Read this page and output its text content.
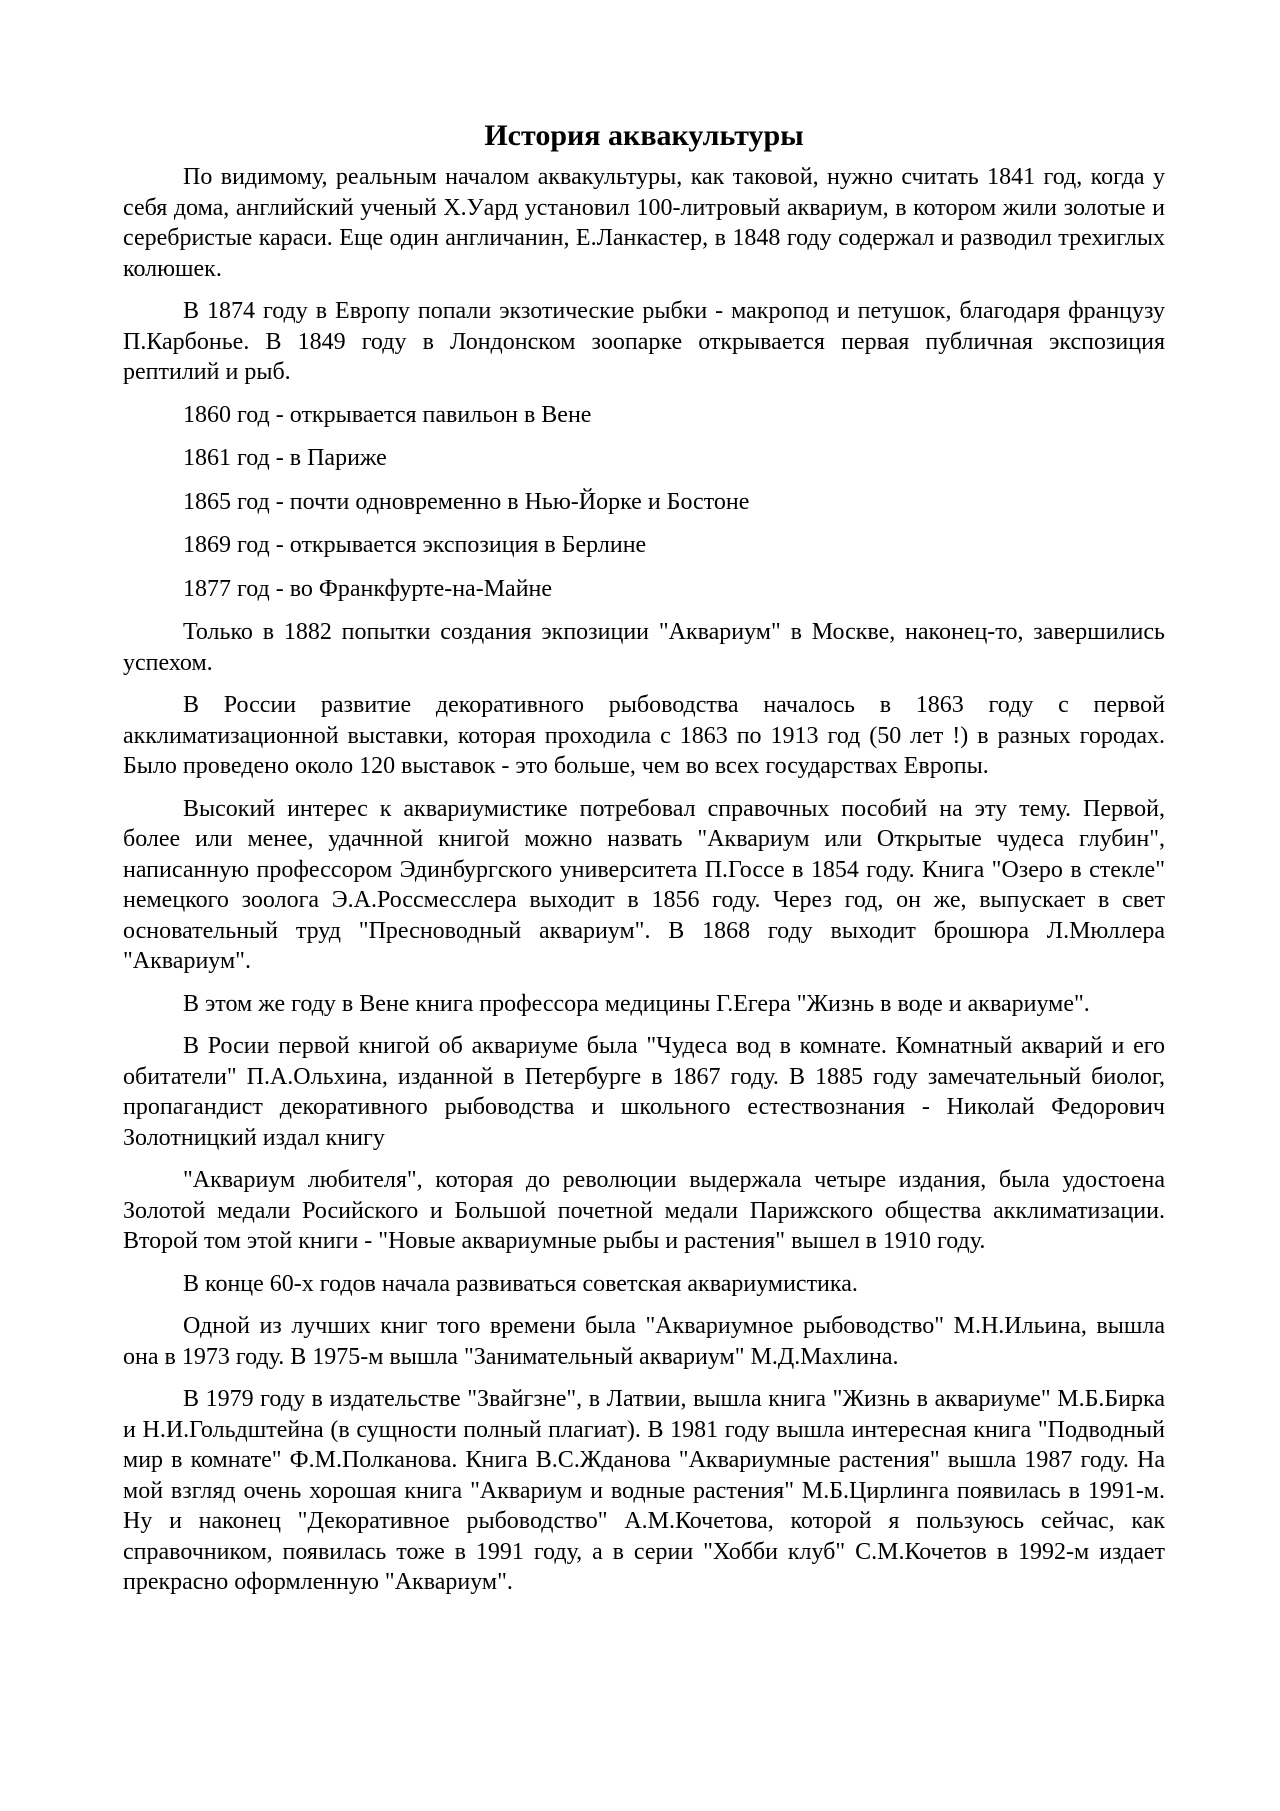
История аквакультуры

По видимому, реальным началом аквакультуры, как таковой, нужно считать 1841 год, когда у себя дома, английский ученый Х.Уард установил 100-литровый аквариум, в котором жили золотые и серебристые караси. Еще один англичанин, Е.Ланкастер, в 1848 году содержал и разводил трехиглых колюшек.

В 1874 году в Европу попали экзотические рыбки - макропод и петушок, благодаря французу П.Карбонье. В 1849 году в Лондонском зоопарке открывается первая публичная экспозиция рептилий и рыб.

1860 год - открывается павильон в Вене

1861 год - в Париже

1865 год - почти одновременно в Нью-Йорке и Бостоне

1869 год - открывается экспозиция в Берлине

1877 год - во Франкфурте-на-Майне

Только в 1882 попытки создания экпозиции "Аквариум" в Москве, наконец-то, завершились успехом.

В России развитие декоративного рыбоводства началось в 1863 году с первой акклиматизационной выставки, которая проходила с 1863 по 1913 год (50 лет !) в разных городах. Было проведено около 120 выставок - это больше, чем во всех государствах Европы.

Высокий интерес к аквариумистике потребовал справочных пособий на эту тему. Первой, более или менее, удачнной книгой можно назвать "Аквариум или Открытые чудеса глубин", написанную профессором Эдинбургского университета П.Госсе в 1854 году. Книга "Озеро в стекле" немецкого зоолога Э.А.Россмесслера выходит в 1856 году. Через год, он же, выпускает в свет основательный труд "Пресноводный аквариум". В 1868 году выходит брошюра Л.Мюллера "Аквариум".

В этом же году в Вене книга профессора медицины Г.Егера "Жизнь в воде и аквариуме".

В Росии первой книгой об аквариуме была "Чудеса вод в комнате. Комнатный акварий и его обитатели" П.А.Ольхина, изданной в Петербурге в 1867 году. В 1885 году замечательный биолог, пропагандист декоративного рыбоводства и школьного естествознания - Николай Федорович Золотницкий издал книгу

"Аквариум любителя", которая до революции выдержала четыре издания, была удостоена Золотой медали Росийского и Большой почетной медали Парижского общества акклиматизации. Второй том этой книги - "Новые аквариумные рыбы и растения" вышел в 1910 году.

В конце 60-х годов начала развиваться советская аквариумистика.

Одной из лучших книг того времени была "Аквариумное рыбоводство" М.Н.Ильина, вышла она в 1973 году. В 1975-м вышла "Занимательный аквариум" М.Д.Махлина.

В 1979 году в издательстве "Звайгзне", в Латвии, вышла книга "Жизнь в аквариуме" М.Б.Бирка и Н.И.Гольдштейна (в сущности полный плагиат). В 1981 году вышла интересная книга "Подводный мир в комнате" Ф.М.Полканова. Книга В.С.Жданова "Аквариумные растения" вышла 1987 году. На мой взгляд очень хорошая книга "Аквариум и водные растения" М.Б.Цирлинга появилась в 1991-м. Ну и наконец "Декоративное рыбоводство" А.М.Кочетова, которой я пользуюсь сейчас, как справочником, появилась тоже в 1991 году, а в серии "Хобби клуб" С.М.Кочетов в 1992-м издает прекрасно оформленную "Аквариум".
